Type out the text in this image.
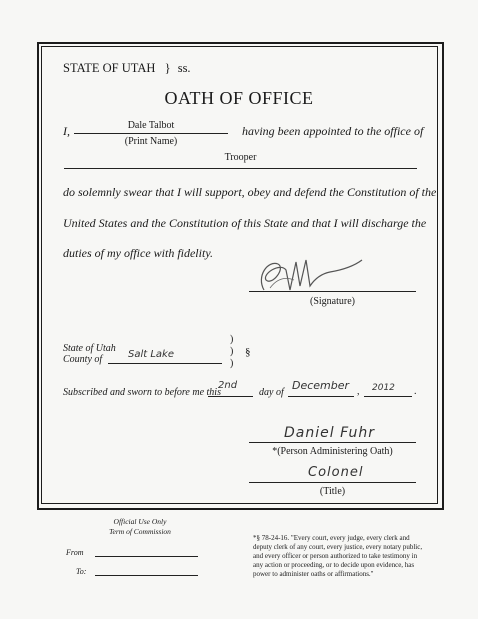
STATE OF UTAH } ss.
OATH OF OFFICE
I,	Dale Talbot
(Print Name)
having been appointed to the office of
Trooper
do solemnly swear that I will support, obey and defend the Constitution of the
United States and the Constitution of this State and that I will discharge the
duties of my office with fidelity.
(Signature)
State of Utah
County of	Salt Lake
)
)
)
§
Subscribed and sworn to before me this
2nd
day of
December , 2012 .
Daniel Fuhr
*(Person Administering Oath)
Colonel
(Title)
Official Use Only
Term of Commission
From
To:
*§ 78-24-16. "Every court, every judge, every clerk and
deputy clerk of any court, every justice, every notary public,
and every officer or person authorized to take testimony in
any action or proceeding, or to decide upon evidence, has
power to administer oaths or affirmations."
